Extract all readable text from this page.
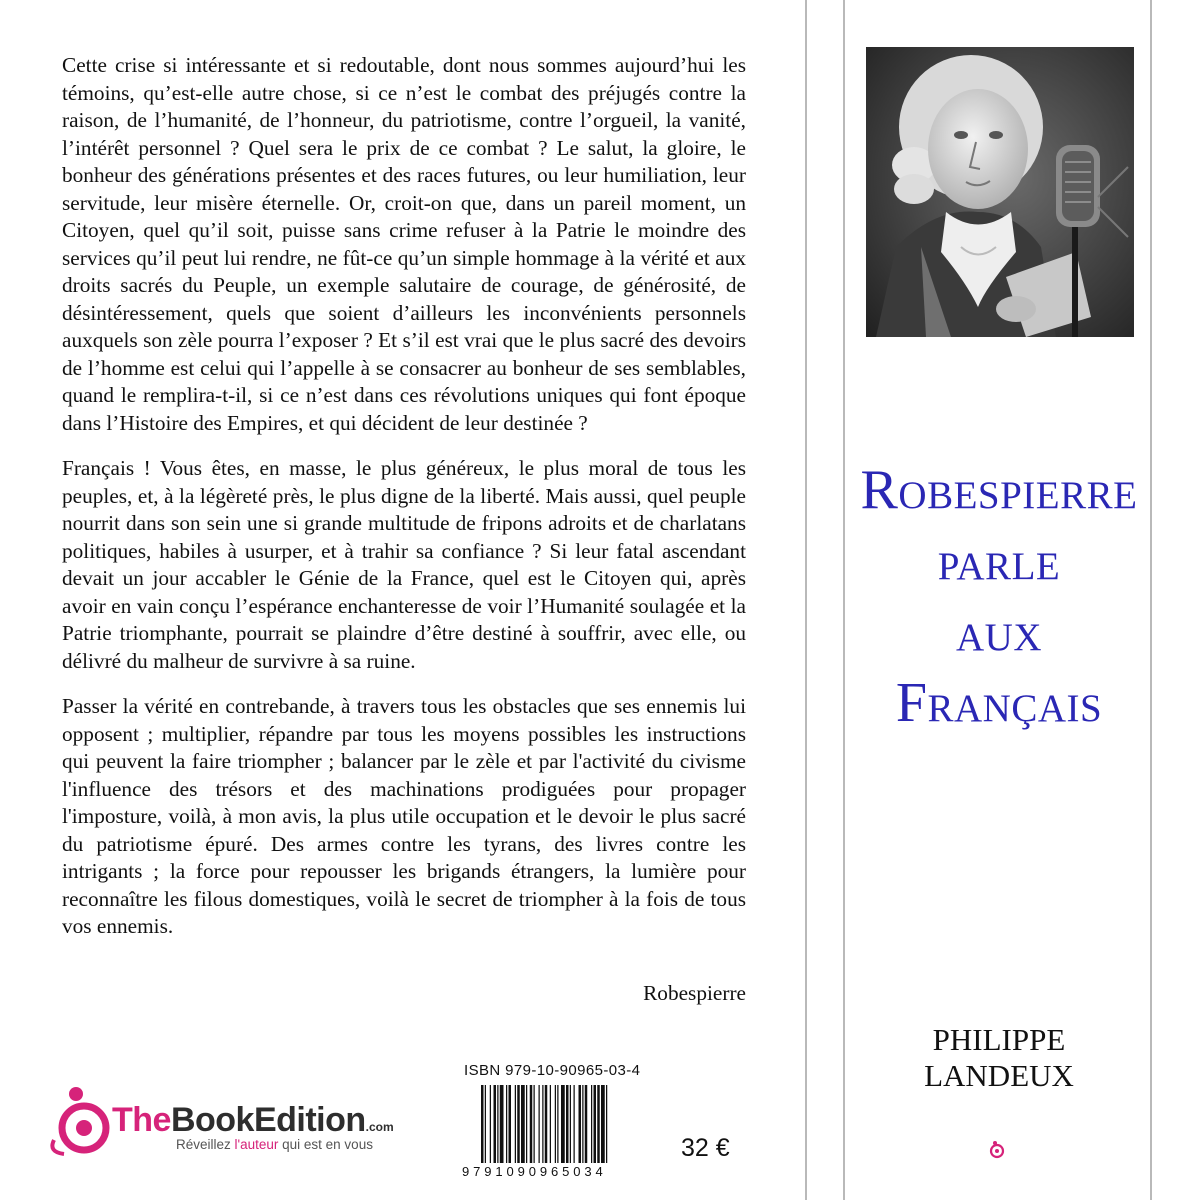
Cette crise si intéressante et si redoutable, dont nous sommes aujourd’hui les témoins, qu’est-elle autre chose, si ce n’est le combat des préjugés contre la raison, de l’humanité, de l’honneur, du patriotisme, contre l’orgueil, la vanité, l’intérêt personnel ? Quel sera le prix de ce combat ? Le salut, la gloire, le bonheur des générations présentes et des races futures, ou leur humiliation, leur servitude, leur misère éternelle. Or, croit-on que, dans un pareil moment, un Citoyen, quel qu’il soit, puisse sans crime refuser à la Patrie le moindre des services qu’il peut lui rendre, ne fût-ce qu’un simple hommage à la vérité et aux droits sacrés du Peuple, un exemple salutaire de courage, de générosité, de désintéressement, quels que soient d’ailleurs les inconvénients personnels auxquels son zèle pourra l’exposer ? Et s’il est vrai que le plus sacré des devoirs de l’homme est celui qui l’appelle à se consacrer au bonheur de ses semblables, quand le remplira-t-il, si ce n’est dans ces révolutions uniques qui font époque dans l’Histoire des Empires, et qui décident de leur destinée ?

Français ! Vous êtes, en masse, le plus généreux, le plus moral de tous les peuples, et, à la légèreté près, le plus digne de la liberté. Mais aussi, quel peuple nourrit dans son sein une si grande multitude de fripons adroits et de charlatans politiques, habiles à usurper, et à trahir sa confiance ? Si leur fatal ascendant devait un jour accabler le Génie de la France, quel est le Citoyen qui, après avoir en vain conçu l’espérance enchanteresse de voir l’Humanité soulagée et la Patrie triomphante, pourrait se plaindre d’être destiné à souffrir, avec elle, ou délivré du malheur de survivre à sa ruine.

Passer la vérité en contrebande, à travers tous les obstacles que ses ennemis lui opposent ; multiplier, répandre par tous les moyens possibles les instructions qui peuvent la faire triompher ; balancer par le zèle et par l'activité du civisme l'influence des trésors et des machinations prodiguées pour propager l'imposture, voilà, à mon avis, la plus utile occupation et le devoir le plus sacré du patriotisme épuré. Des armes contre les tyrans, des livres contre les intrigants ; la force pour repousser les brigands étrangers, la lumière pour reconnaître les filous domestiques, voilà le secret de triompher à la fois de tous vos ennemis.

Robespierre
Robespierre
parle
aux
Français
PHILIPPE
LANDEUX
ISBN 979-10-90965-03-4
9791090965034
32 €
TheBookEdition.com
Réveillez l'auteur qui est en vous
